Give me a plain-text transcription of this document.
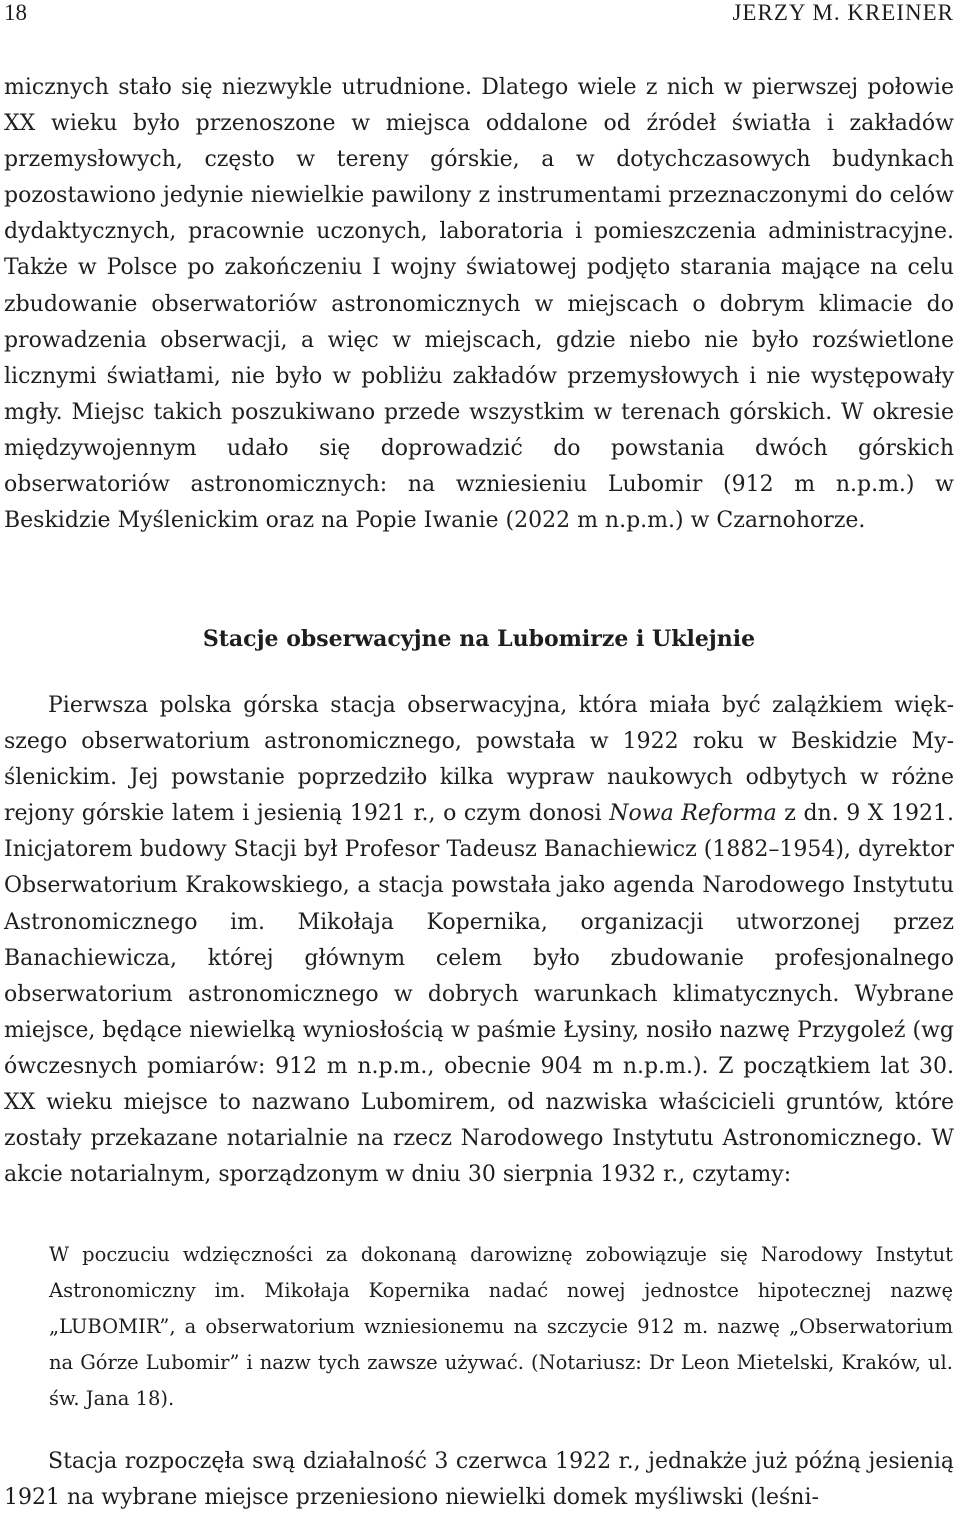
18	JERZY M. KREINER

micznych stało się niezwykle utrudnione. Dlatego wiele z nich w pierwszej połowie XX wieku było przenoszone w miejsca oddalone od źródeł światła i zakładów przemysłowych, często w tereny górskie, a w dotychczasowych budynkach pozostawiono jedynie niewielkie pawilony z instrumentami przeznaczonymi do celów dydaktycznych, pracownie uczonych, laboratoria i pomieszczenia administracyjne. Także w Polsce po zakończeniu I wojny światowej podjęto starania mające na celu zbudowanie obserwatoriów astronomicznych w miejscach o dobrym klimacie do prowadzenia obserwacji, a więc w miejscach, gdzie niebo nie było rozświetlone licznymi światłami, nie było w pobliżu zakładów przemysłowych i nie występowały mgły. Miejsc takich poszukiwano przede wszystkim w terenach górskich. W okresie międzywojennym udało się doprowadzić do powstania dwóch górskich obserwatoriów astronomicznych: na wzniesieniu Lubomir (912 m n.p.m.) w Beskidzie Myślenickim oraz na Popie Iwanie (2022 m n.p.m.) w Czarnohorze.

Stacje obserwacyjne na Lubomirze i Uklejnie

Pierwsza polska górska stacja obserwacyjna, która miała być zalążkiem większego obserwatorium astronomicznego, powstała w 1922 roku w Beskidzie Myślenickim. Jej powstanie poprzedziło kilka wypraw naukowych odbytych w różne rejony górskie latem i jesienią 1921 r., o czym donosi Nowa Reforma z dn. 9 X 1921. Inicjatorem budowy Stacji był Profesor Tadeusz Banachiewicz (1882–1954), dyrektor Obserwatorium Krakowskiego, a stacja powstała jako agenda Narodowego Instytutu Astronomicznego im. Mikołaja Kopernika, organizacji utworzonej przez Banachiewicza, której głównym celem było zbudowanie profesjonalnego obserwatorium astronomicznego w dobrych warunkach klimatycznych. Wybrane miejsce, będące niewielką wyniosłością w paśmie Łysiny, nosiło nazwę Przygoleź (wg ówczesnych pomiarów: 912 m n.p.m., obecnie 904 m n.p.m.). Z początkiem lat 30. XX wieku miejsce to nazwano Lubomirem, od nazwiska właścicieli gruntów, które zostały przekazane notarialnie na rzecz Narodowego Instytutu Astronomicznego. W akcie notarialnym, sporządzonym w dniu 30 sierpnia 1932 r., czytamy:

W poczuciu wdzięczności za dokonaną darowiznę zobowiązuje się Narodowy Instytut Astronomiczny im. Mikołaja Kopernika nadać nowej jednostce hipotecznej nazwę „LUBOMIR”, a obserwatorium wzniesionemu na szczycie 912 m. nazwę „Obserwatorium na Górze Lubomir” i nazw tych zawsze używać. (Notariusz: Dr Leon Mietelski, Kraków, ul. św. Jana 18).

Stacja rozpoczęła swą działalność 3 czerwca 1922 r., jednakże już późną jesienią 1921 na wybrane miejsce przeniesiono niewielki domek myśliwski (leśni-
